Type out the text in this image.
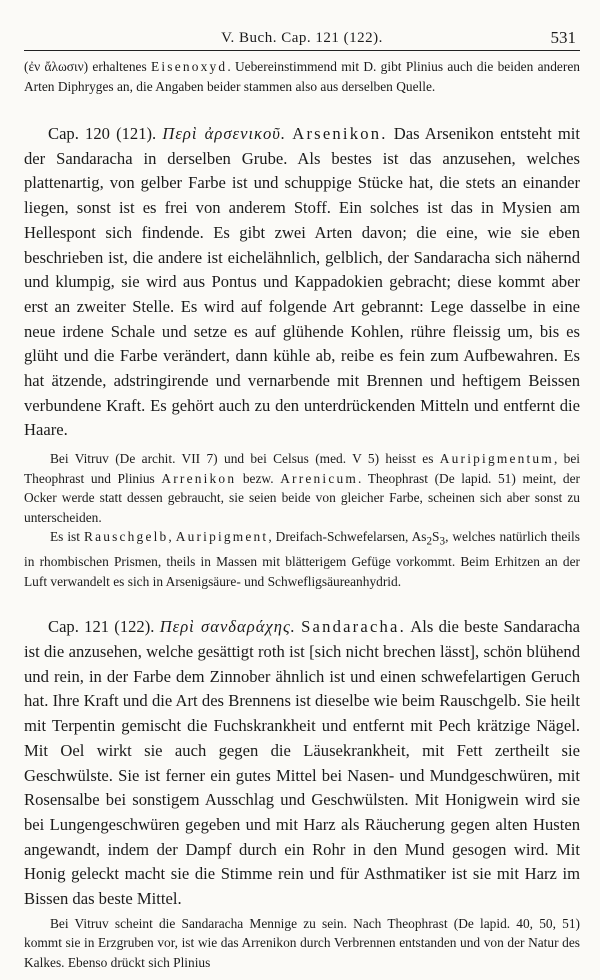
V. Buch. Cap. 121 (122).	531

(ἐν ἄλωσιν) erhaltenes Eisenoxyd. Uebereinstimmend mit D. gibt Plinius auch die beiden anderen Arten Diphryges an, die Angaben beider stammen also aus derselben Quelle.

Cap. 120 (121). Περὶ ἀρσενικοῦ. Arsenikon. Das Arsenikon entsteht mit der Sandaracha in derselben Grube. Als bestes ist das anzusehen, welches plattenartig, von gelber Farbe ist und schuppige Stücke hat, die stets an einander liegen, sonst ist es frei von anderem Stoff. Ein solches ist das in Mysien am Hellespont sich findende. Es gibt zwei Arten davon; die eine, wie sie eben beschrieben ist, die andere ist eichelähnlich, gelblich, der Sandaracha sich nähernd und klumpig, sie wird aus Pontus und Kappadokien gebracht; diese kommt aber erst an zweiter Stelle. Es wird auf folgende Art gebrannt: Lege dasselbe in eine neue irdene Schale und setze es auf glühende Kohlen, rühre fleissig um, bis es glüht und die Farbe verändert, dann kühle ab, reibe es fein zum Aufbewahren. Es hat ätzende, adstringirende und vernarbende mit Brennen und heftigem Beissen verbundene Kraft. Es gehört auch zu den unterdrückenden Mitteln und entfernt die Haare.

Bei Vitruv (De archit. VII 7) und bei Celsus (med. V 5) heisst es Auripigmentum, bei Theophrast und Plinius Arrenikon bezw. Arrenicum. Theophrast (De lapid. 51) meint, der Ocker werde statt dessen gebraucht, sie seien beide von gleicher Farbe, scheinen sich aber sonst zu unterscheiden.

Es ist Rauschgelb, Auripigment, Dreifach-Schwefelarsen, $As_2S_3$, welches natürlich theils in rhombischen Prismen, theils in Massen mit blätterigem Gefüge vorkommt. Beim Erhitzen an der Luft verwandelt es sich in Arsenigsäure- und Schwefligsäureanhydrid.

Cap. 121 (122). Περὶ σανδαράχης. Sandaracha. Als die beste Sandaracha ist die anzusehen, welche gesättigt roth ist [sich nicht brechen lässt], schön blühend und rein, in der Farbe dem Zinnober ähnlich ist und einen schwefelartigen Geruch hat. Ihre Kraft und die Art des Brennens ist dieselbe wie beim Rauschgelb. Sie heilt mit Terpentin gemischt die Fuchskrankheit und entfernt mit Pech krätzige Nägel. Mit Oel wirkt sie auch gegen die Läusekrankheit, mit Fett zertheilt sie Geschwülste. Sie ist ferner ein gutes Mittel bei Nasen- und Mundgeschwüren, mit Rosensalbe bei sonstigem Ausschlag und Geschwülsten. Mit Honigwein wird sie bei Lungengeschwüren gegeben und mit Harz als Räucherung gegen alten Husten angewandt, indem der Dampf durch ein Rohr in den Mund gesogen wird. Mit Honig geleckt macht sie die Stimme rein und für Asthmatiker ist sie mit Harz im Bissen das beste Mittel.

Bei Vitruv scheint die Sandaracha Mennige zu sein. Nach Theophrast (De lapid. 40, 50, 51) kommt sie in Erzgruben vor, ist wie das Arrenikon durch Verbrennen entstanden und von der Natur des Kalkes. Ebenso drückt sich Plinius
